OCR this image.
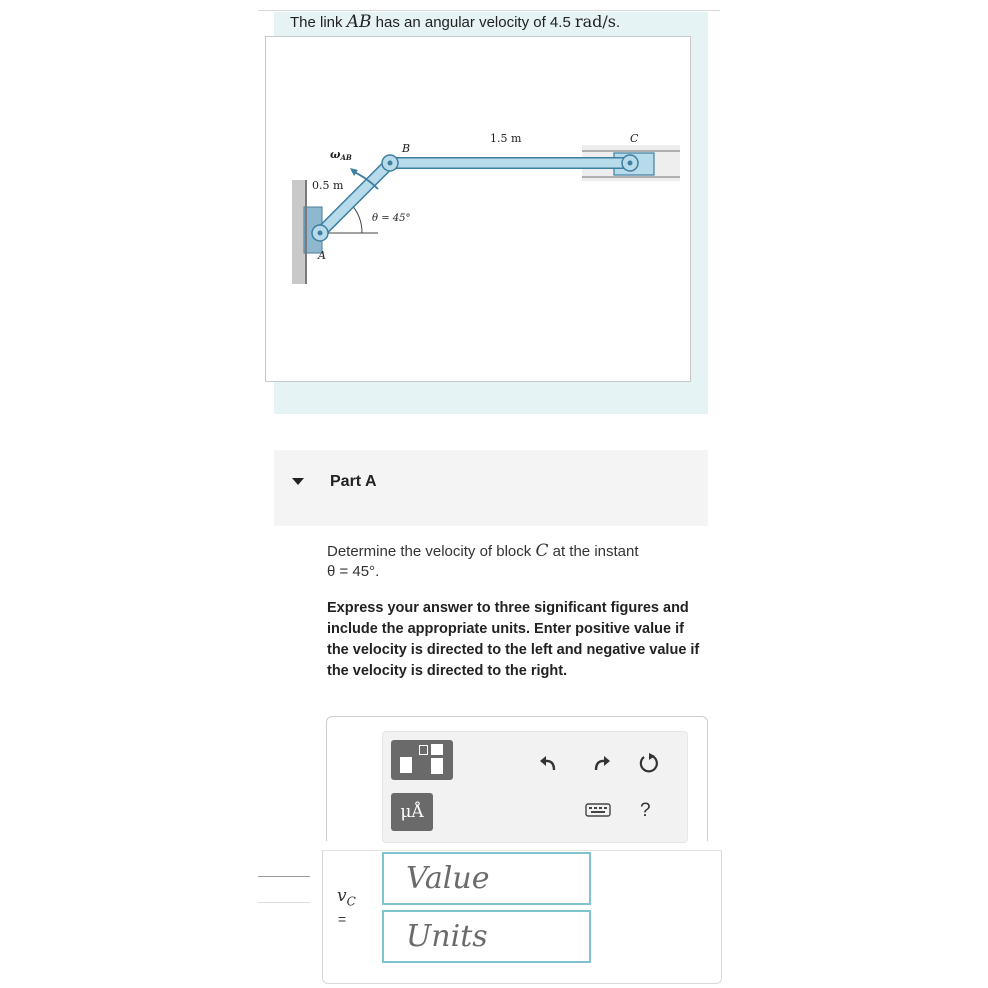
The link AB has an angular velocity of 4.5 rad/s.
ωAB
0.5 m
A
B
1.5 m	C
θ = 45°
Part A
Determine the velocity of block C at the instant
θ = 45°.
Express your answer to three significant figures and include the appropriate units. Enter positive value if the velocity is directed to the left and negative value if the velocity is directed to the right.
μÅ	?
$v_C$
=
Value
Units
